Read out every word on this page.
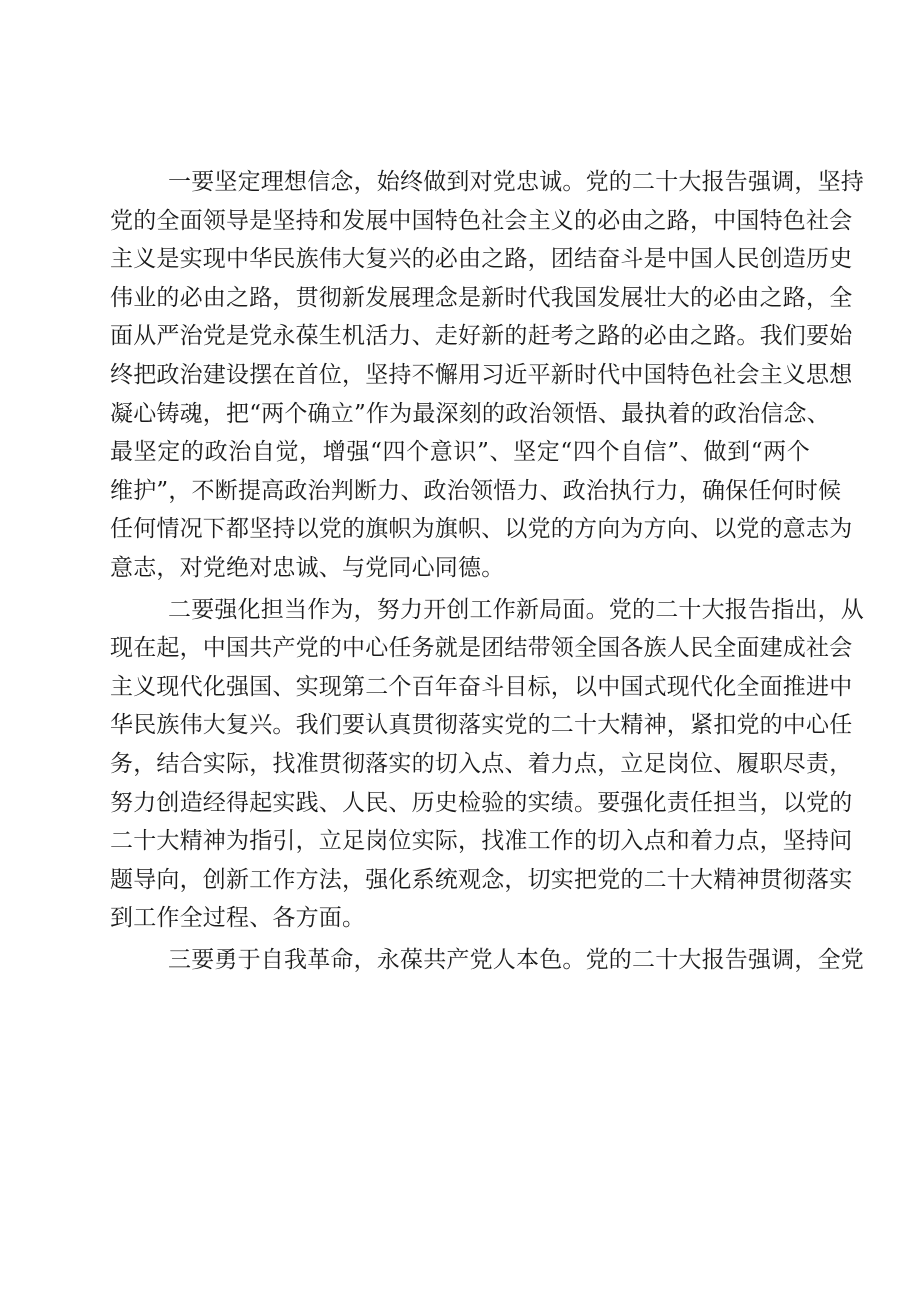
一要坚定理想信念，始终做到对党忠诚。党的二十大报告强调，坚持
党的全面领导是坚持和发展中国特色社会主义的必由之路，中国特色社会
主义是实现中华民族伟大复兴的必由之路，团结奋斗是中国人民创造历史
伟业的必由之路，贯彻新发展理念是新时代我国发展壮大的必由之路，全
面从严治党是党永葆生机活力、走好新的赶考之路的必由之路。我们要始
终把政治建设摆在首位，坚持不懈用习近平新时代中国特色社会主义思想
凝心铸魂，把“两个确立”作为最深刻的政治领悟、最执着的政治信念、
最坚定的政治自觉，增强“四个意识”、坚定“四个自信”、做到“两个
维护”，不断提高政治判断力、政治领悟力、政治执行力，确保任何时候
任何情况下都坚持以党的旗帜为旗帜、以党的方向为方向、以党的意志为
意志，对党绝对忠诚、与党同心同德。
二要强化担当作为，努力开创工作新局面。党的二十大报告指出，从
现在起，中国共产党的中心任务就是团结带领全国各族人民全面建成社会
主义现代化强国、实现第二个百年奋斗目标，以中国式现代化全面推进中
华民族伟大复兴。我们要认真贯彻落实党的二十大精神，紧扣党的中心任
务，结合实际，找准贯彻落实的切入点、着力点，立足岗位、履职尽责，
努力创造经得起实践、人民、历史检验的实绩。要强化责任担当，以党的
二十大精神为指引，立足岗位实际，找准工作的切入点和着力点，坚持问
题导向，创新工作方法，强化系统观念，切实把党的二十大精神贯彻落实
到工作全过程、各方面。
三要勇于自我革命，永葆共产党人本色。党的二十大报告强调，全党
